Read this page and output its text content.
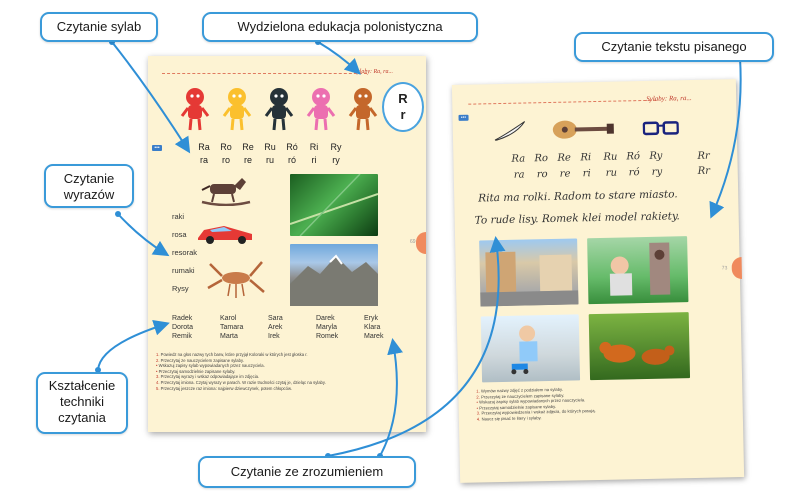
Sylaby: Ra, ra...
R
r
•••	Ra
ra
Ro
ro
Re
re
Ru
ru
Ró
ró
Ri
ri
Ry
ry
raki
rosa
resorak
rumaki
Rysy
Radek
Dorota
Remik
Karol
Tamara
Marta
Sara
Arek
Irek
Darek
Maryla
Romek
Eryk
Klara
Marek
1. Powiedz na głos nazwy tych barw, które przyjął Koloraki w których jest głoska r.
2. Przeczytaj ze nauczycielem zapisane sylaby.
• Wskazuj zapisy sylab wypowiadanych przez nauczyciela.
• Przeczytaj samodzielnie zapisane sylaby.
3. Przeczytaj wyrazy i wskaz odpowiadające im zdjęcia.
4. Przeczytaj imiona. Czytaj wyrazy w parach. W razie trudności czytaj je, dzieląc na sylaby.
5. Przeczytaj jeszcze raz imiona: najpierw dziewczynek, potem chłopców.
69
Sylaby: Ra, ra...
•••
Ra
ra
Ro
ro
Re
re
Ri
ri
Ru
ru
Ró
ró
Ry
ry
Rr
Rr
Rita ma rolki. Radom to stare miasto.
To rude lisy. Romek klei model rakiety.
1. Wymów nazwy zdjęć z podziałem na sylaby.
2. Przeczytaj ze nauczycielem zapisane sylaby.
• Wskazuj zapisy sylab wypowiadanych przez nauczyciela.
• Przeczytaj samodzielnie zapisane sylaby.
3. Przeczytaj wypowiedzenia i wskaż zdjęcia, do których pasują.
4. Naucz się pisać te litery i sylaby.
73
Czytanie sylab	Wydzielona edukacja polonistyczna
Czytanie tekstu pisanego
Czytanie
wyrazów
Kształcenie
techniki
czytania
Czytanie ze zrozumieniem
